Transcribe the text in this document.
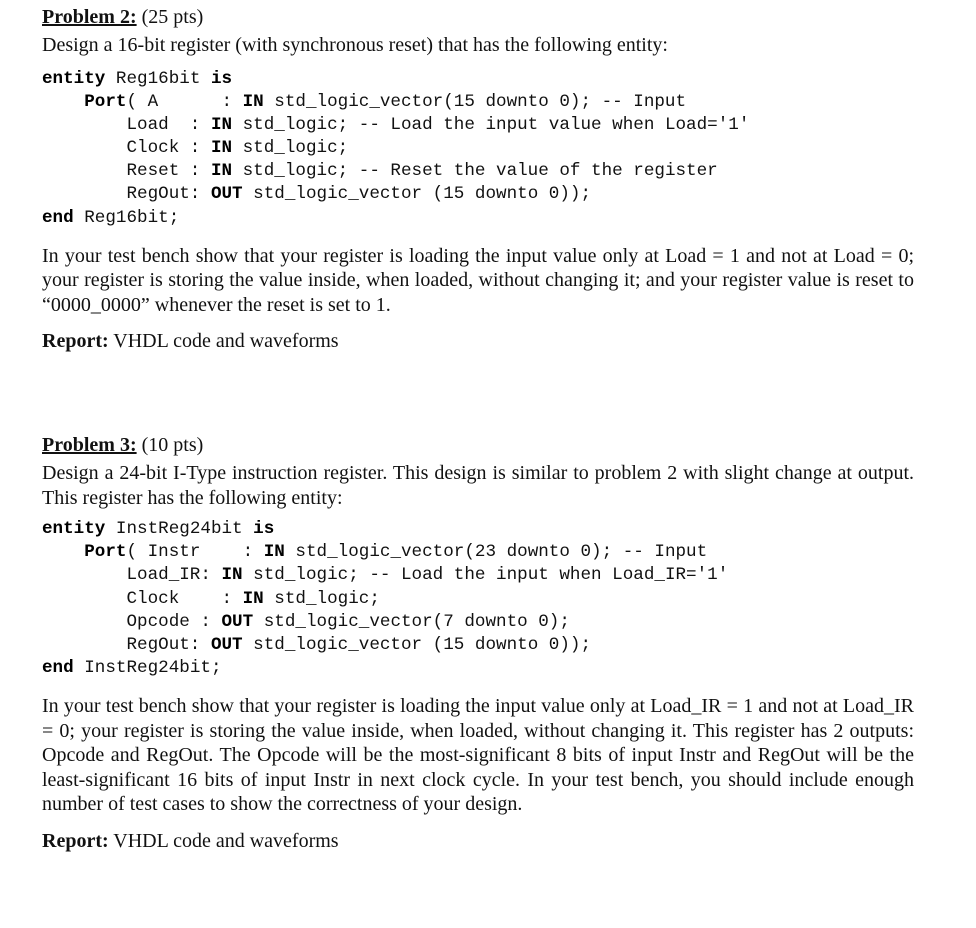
Problem 2: (25 pts)

Design a 16-bit register (with synchronous reset) that has the following entity:

entity Reg16bit is
Port( A      : IN std_logic_vector(15 downto 0); -- Input
Load  : IN std_logic; -- Load the input value when Load='1'
Clock : IN std_logic;
Reset : IN std_logic; -- Reset the value of the register
RegOut: OUT std_logic_vector (15 downto 0));
end Reg16bit;

In your test bench show that your register is loading the input value only at Load = 1 and not at Load = 0; your register is storing the value inside, when loaded, without changing it; and your register value is reset to “0000_0000” whenever the reset is set to 1.

Report: VHDL code and waveforms

Problem 3: (10 pts)

Design a 24-bit I-Type instruction register. This design is similar to problem 2 with slight change at output. This register has the following entity:

entity InstReg24bit is
Port( Instr    : IN std_logic_vector(23 downto 0); -- Input
Load_IR: IN std_logic; -- Load the input when Load_IR='1'
Clock    : IN std_logic;
Opcode : OUT std_logic_vector(7 downto 0);
RegOut: OUT std_logic_vector (15 downto 0));
end InstReg24bit;

In your test bench show that your register is loading the input value only at Load_IR = 1 and not at Load_IR = 0; your register is storing the value inside, when loaded, without changing it. This register has 2 outputs: Opcode and RegOut. The Opcode will be the most-significant 8 bits of input Instr and RegOut will be the least-significant 16 bits of input Instr in next clock cycle. In your test bench, you should include enough number of test cases to show the correctness of your design.

Report: VHDL code and waveforms
